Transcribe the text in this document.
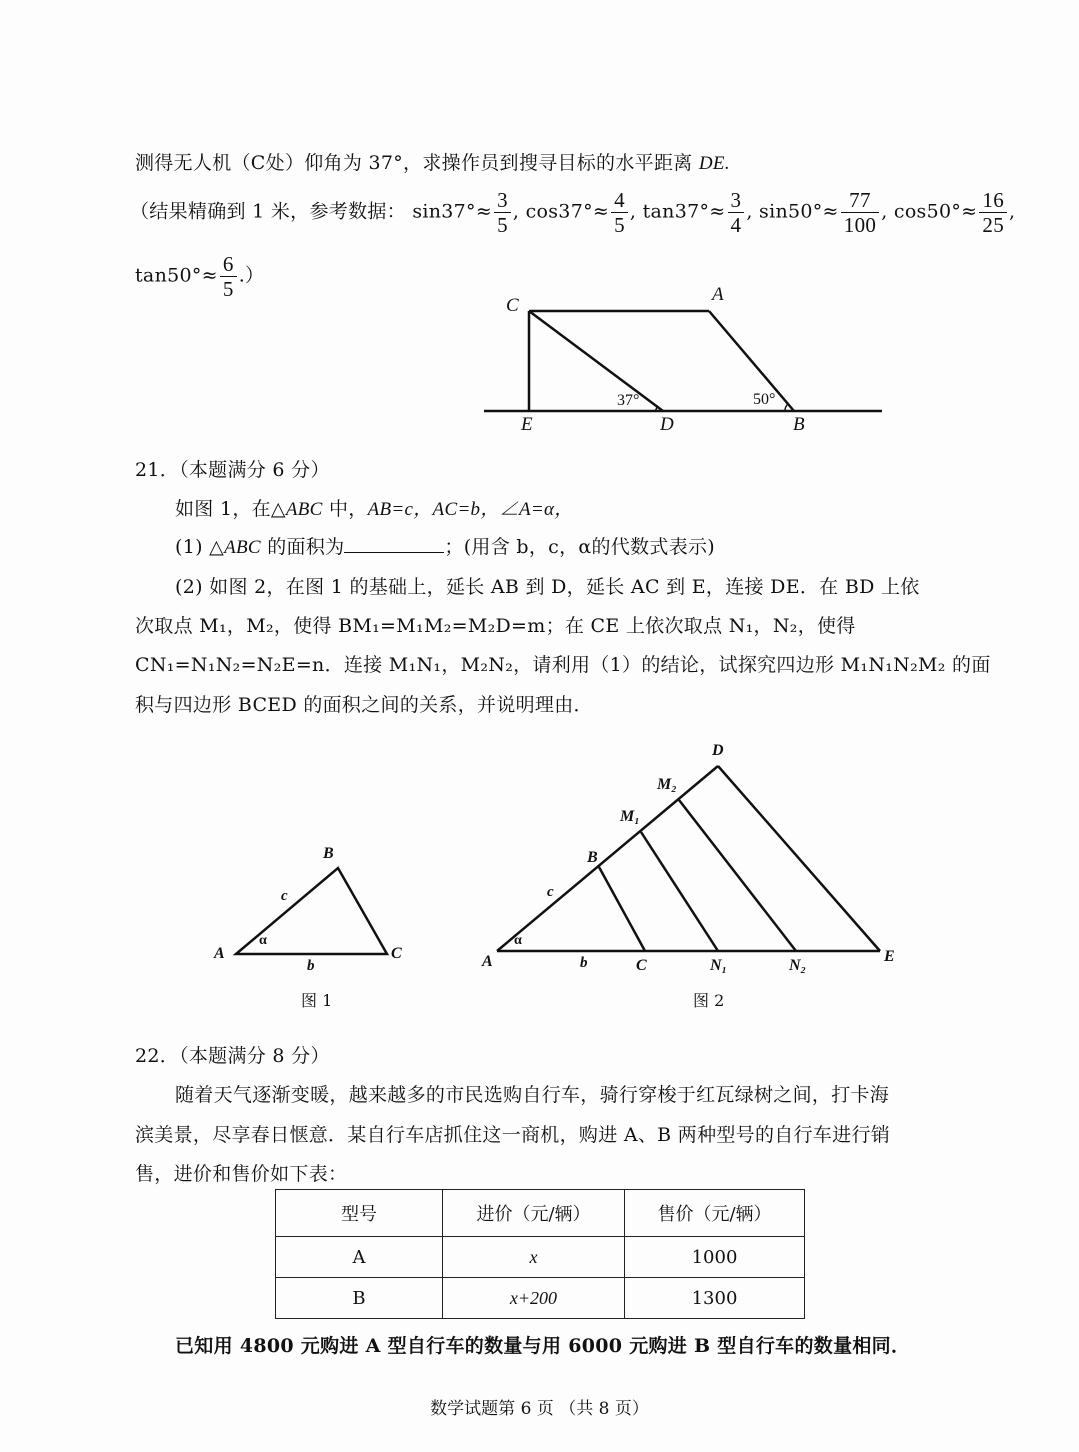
测得无人机（C处）仰角为 37°，求操作员到搜寻目标的水平距离 DE.
（结果精确到 1 米，参考数据： $\sin 37^\circ\approx \frac{3}{5}$ , $\cos 37^\circ\approx \frac{4}{5}$ , $\tan 37^\circ\approx \frac{3}{4}$ , $\sin 50^\circ\approx \frac{77}{100}$ , $\cos 50^\circ\approx \frac{16}{25}$ ,
$\tan 50^\circ\approx \frac{6}{5}$ .）
C
A
E	D	B
37°	50°
21．（本题满分 6 分）
如图 1，在△ABC 中，AB=c，AC=b，∠A=α，
(1) △ABC 的面积为	；(用含 b，c，α的代数式表示)
(2) 如图 2，在图 1 的基础上，延长 AB 到 D，延长 AC 到 E，连接 DE．在 BD 上依
次取点 M₁，M₂，使得 BM₁=M₁M₂=M₂D=m；在 CE 上依次取点 N₁，N₂，使得
CN₁=N₁N₂=N₂E=n．连接 M₁N₁，M₂N₂，请利用（1）的结论，试探究四边形 M₁N₁N₂M₂ 的面
积与四边形 BCED 的面积之间的关系，并说明理由．
B
A	C
c
b
α
图 1
D
M₂
M₁
B
c
α
A	b	C	N₁	N₂
E
图 2
22．（本题满分 8 分）
随着天气逐渐变暖，越来越多的市民选购自行车，骑行穿梭于红瓦绿树之间，打卡海
滨美景，尽享春日惬意．某自行车店抓住这一商机，购进 A、B 两种型号的自行车进行销
售，进价和售价如下表：
型号	进价（元/辆）	售价（元/辆）
A	x	1000
B	x+200	1300
已知用 4800 元购进 A 型自行车的数量与用 6000 元购进 B 型自行车的数量相同．
数学试题第 6 页 （共 8 页）
